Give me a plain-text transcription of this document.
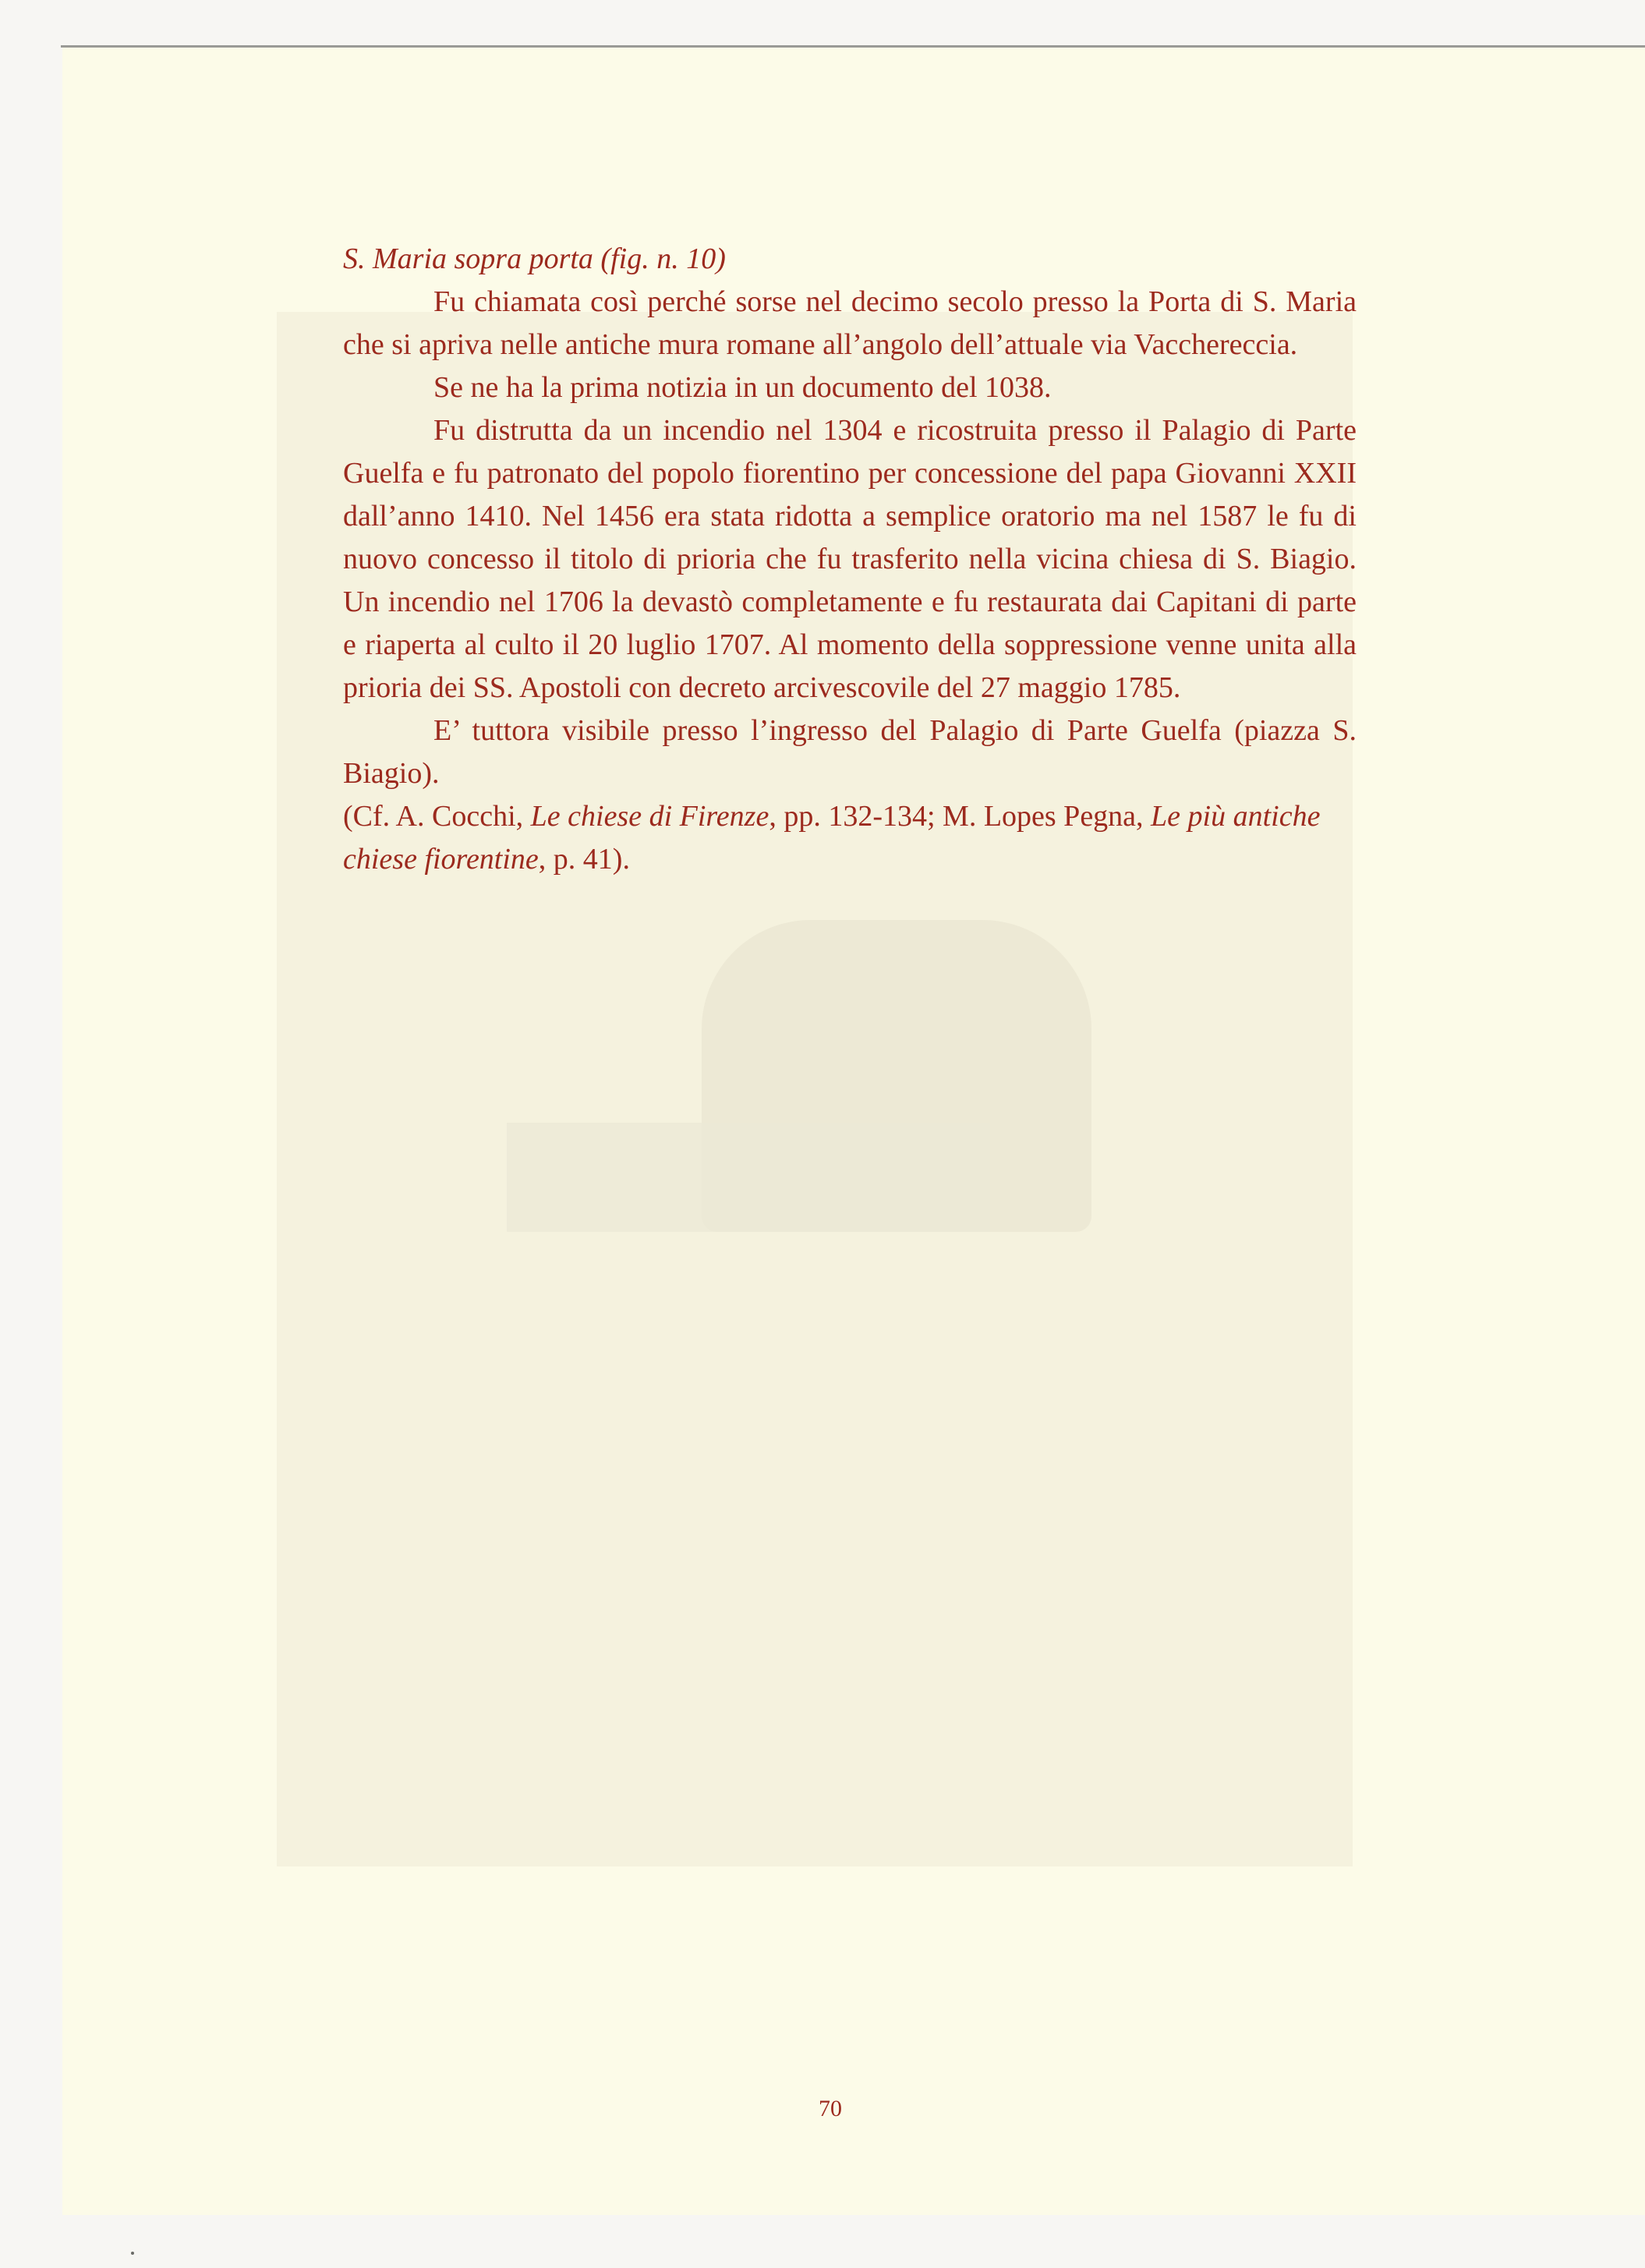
S. Maria sopra porta (fig. n. 10)

Fu chiamata così perché sorse nel decimo secolo presso la Porta di S. Maria che si apriva nelle antiche mura romane all’angolo dell’attuale via Vacchereccia.

Se ne ha la prima notizia in un documento del 1038.

Fu distrutta da un incendio nel 1304 e ricostruita presso il Palagio di Parte Guelfa e fu patronato del popolo fiorentino per concessione del papa Giovanni XXII dall’anno 1410. Nel 1456 era stata ridotta a semplice oratorio ma nel 1587 le fu di nuovo concesso il titolo di prioria che fu trasferito nella vicina chiesa di S. Biagio. Un incendio nel 1706 la devastò completamente e fu restaurata dai Capitani di parte e riaperta al culto il 20 luglio 1707. Al momento della soppressione venne unita alla prioria dei SS. Apostoli con decreto arcivescovile del 27 maggio 1785.

E’ tuttora visibile presso l’ingresso del Palagio di Parte Guelfa (piazza S. Biagio).

(Cf. A. Cocchi, Le chiese di Firenze, pp. 132-134; M. Lopes Pegna, Le più antiche chiese fiorentine, p. 41).

70
